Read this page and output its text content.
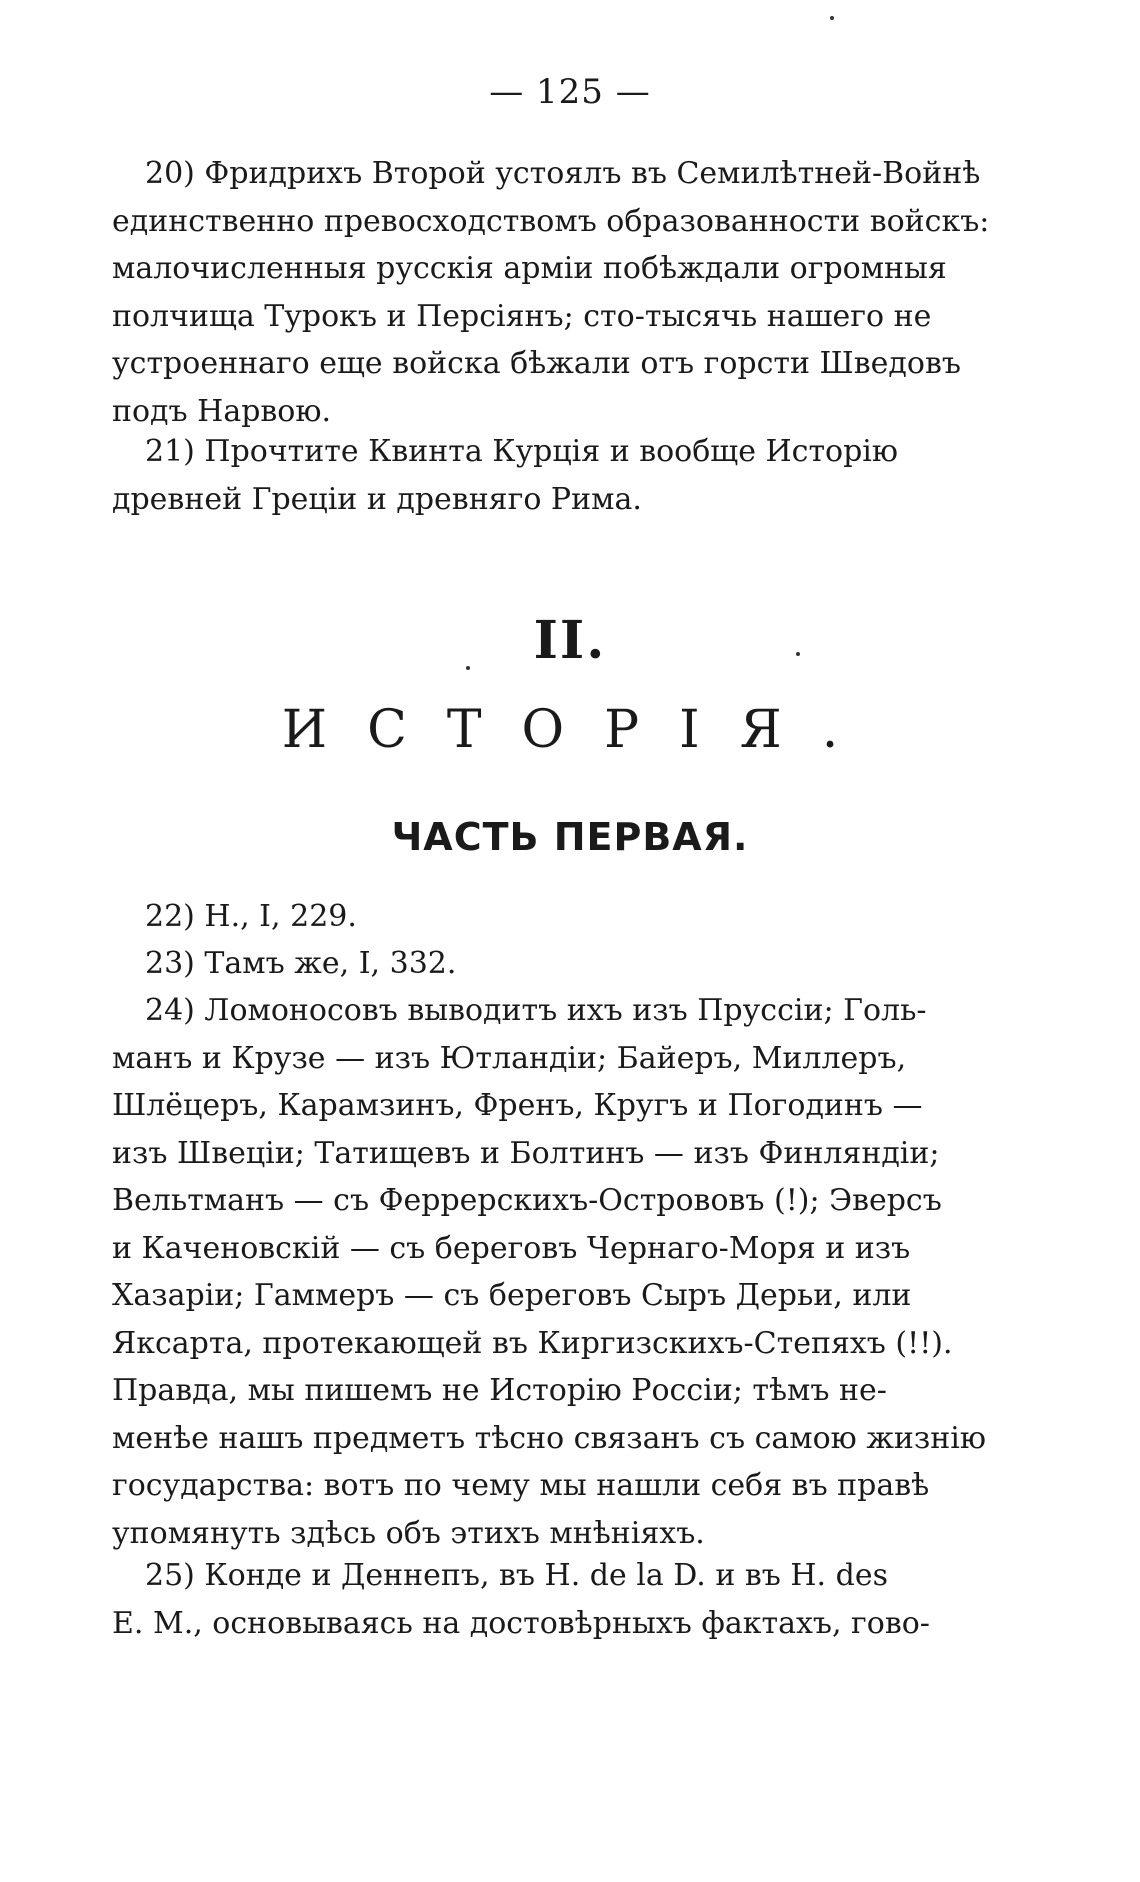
— 125 —
20) Фридрихъ Второй устоялъ въ Семилѣтней-Войнѣ
единственно превосходствомъ образованности войскъ:
малочисленныя русскія арміи побѣждали огромныя
полчища Турокъ и Персіянъ; сто-тысячь нашего не
устроеннаго еще войска бѣжали отъ горсти Шведовъ
подъ Нарвою.
21) Прочтите Квинта Курція и вообще Исторію
древней Греціи и древняго Рима.
II.
ИСТОРІЯ.
ЧАСТЬ ПЕРВАЯ.
22) Н., I, 229.
23) Тамъ же, I, 332.
24) Ломоносовъ выводитъ ихъ изъ Пруссіи; Голь-
манъ и Крузе — изъ Ютландіи; Байеръ, Миллеръ,
Шлёцеръ, Карамзинъ, Френъ, Кругъ и Погодинъ —
изъ Швеціи; Татищевъ и Болтинъ — изъ Финляндіи;
Вельтманъ — съ Феррерскихъ-Острововъ (!); Эверсъ
и Каченовскій — съ береговъ Чернаго-Моря и изъ
Хазаріи; Гаммеръ — съ береговъ Сыръ Дерьи, или
Яксарта, протекающей въ Киргизскихъ-Степяхъ (!!).
Правда, мы пишемъ не Исторію Россіи; тѣмъ не-
менѣе нашъ предметъ тѣсно связанъ съ самою жизнію
государства: вотъ по чему мы нашли себя въ правѣ
упомянуть здѣсь объ этихъ мнѣніяхъ.
25) Конде и Деннепъ, въ H. de la D. и въ H. des
E. M., основываясь на достовѣрныхъ фактахъ, гово-
